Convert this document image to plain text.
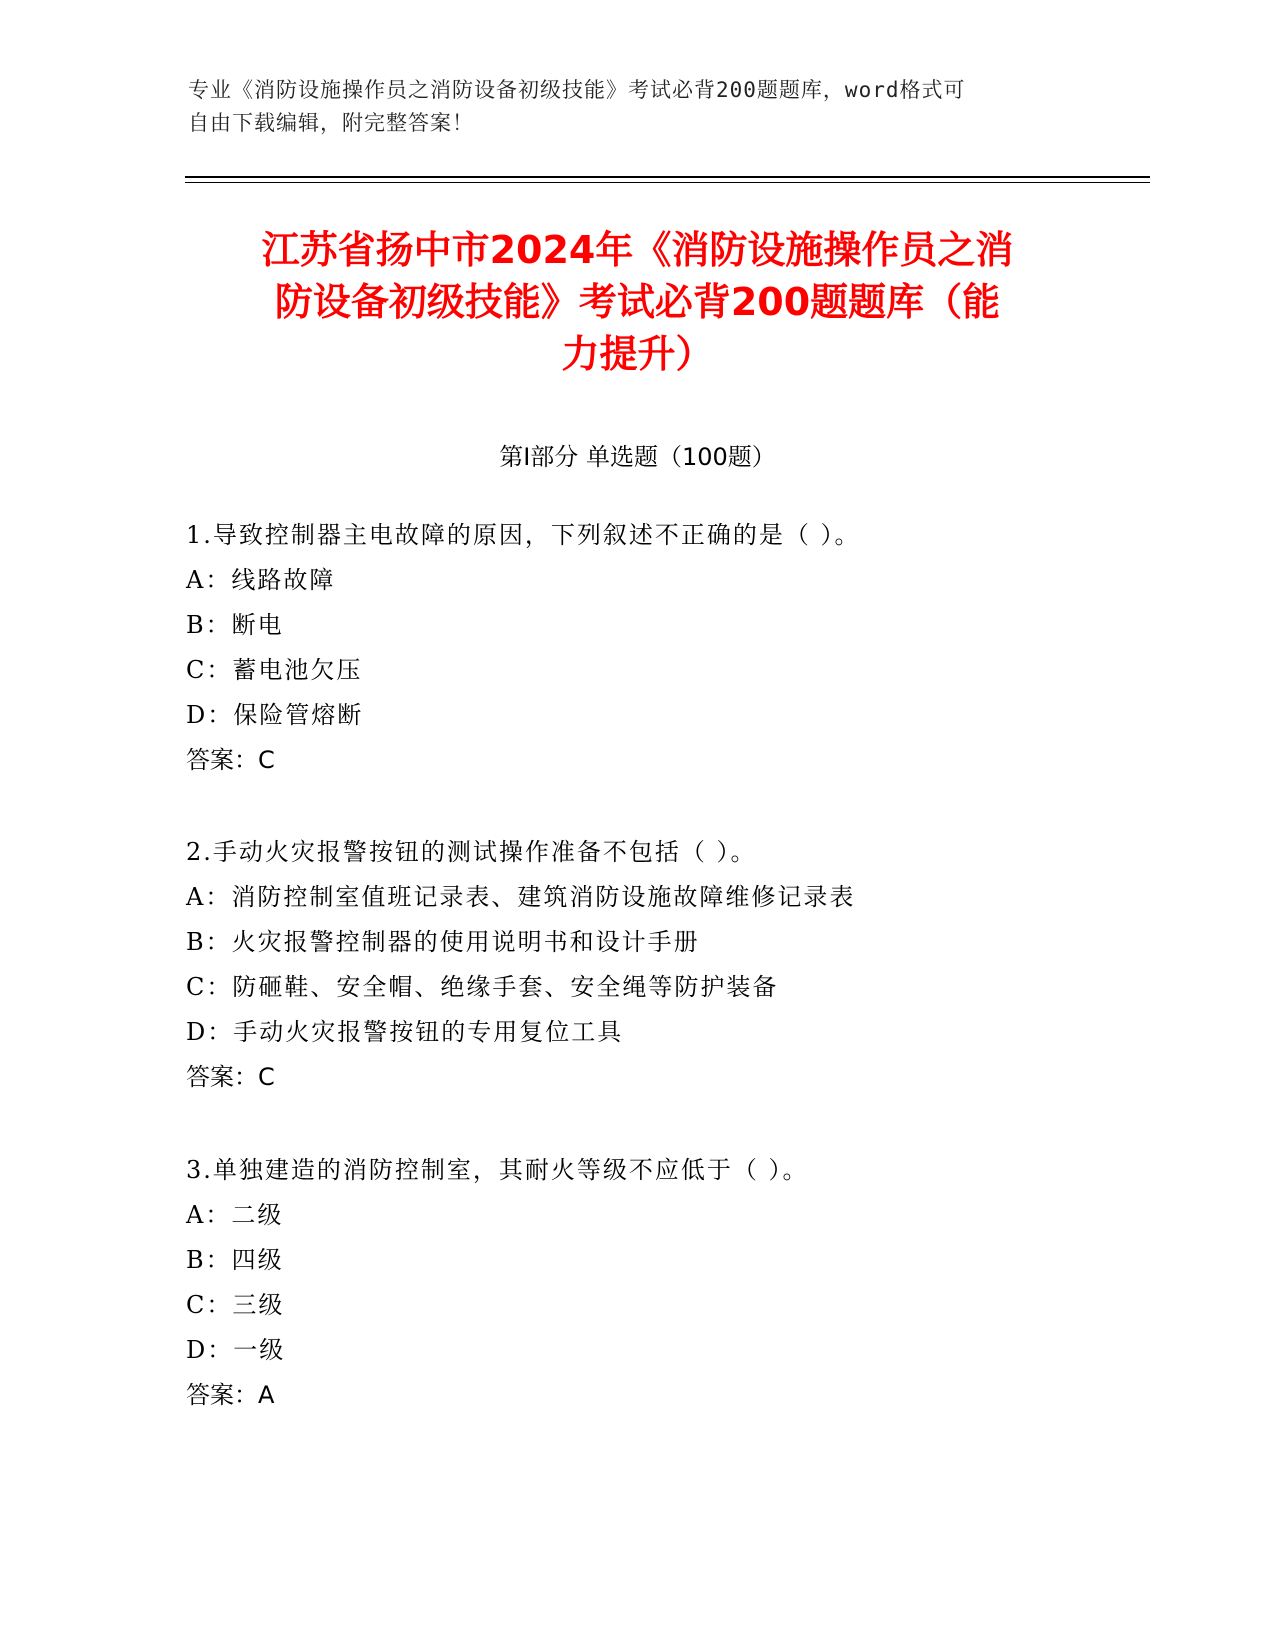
专业《消防设施操作员之消防设备初级技能》考试必背200题题库，word格式可
自由下载编辑，附完整答案！
江苏省扬中市2024年《消防设施操作员之消
防设备初级技能》考试必背200题题库（能
力提升）
第Ⅰ部分 单选题（100题）
1.导致控制器主电故障的原因，下列叙述不正确的是（ ）。
A：线路故障
B：断电
C：蓄电池欠压
D：保险管熔断
答案：C
2.手动火灾报警按钮的测试操作准备不包括（ ）。
A：消防控制室值班记录表、建筑消防设施故障维修记录表
B：火灾报警控制器的使用说明书和设计手册
C：防砸鞋、安全帽、绝缘手套、安全绳等防护装备
D：手动火灾报警按钮的专用复位工具
答案：C
3.单独建造的消防控制室，其耐火等级不应低于（ ）。
A：二级
B：四级
C：三级
D：一级
答案：A
